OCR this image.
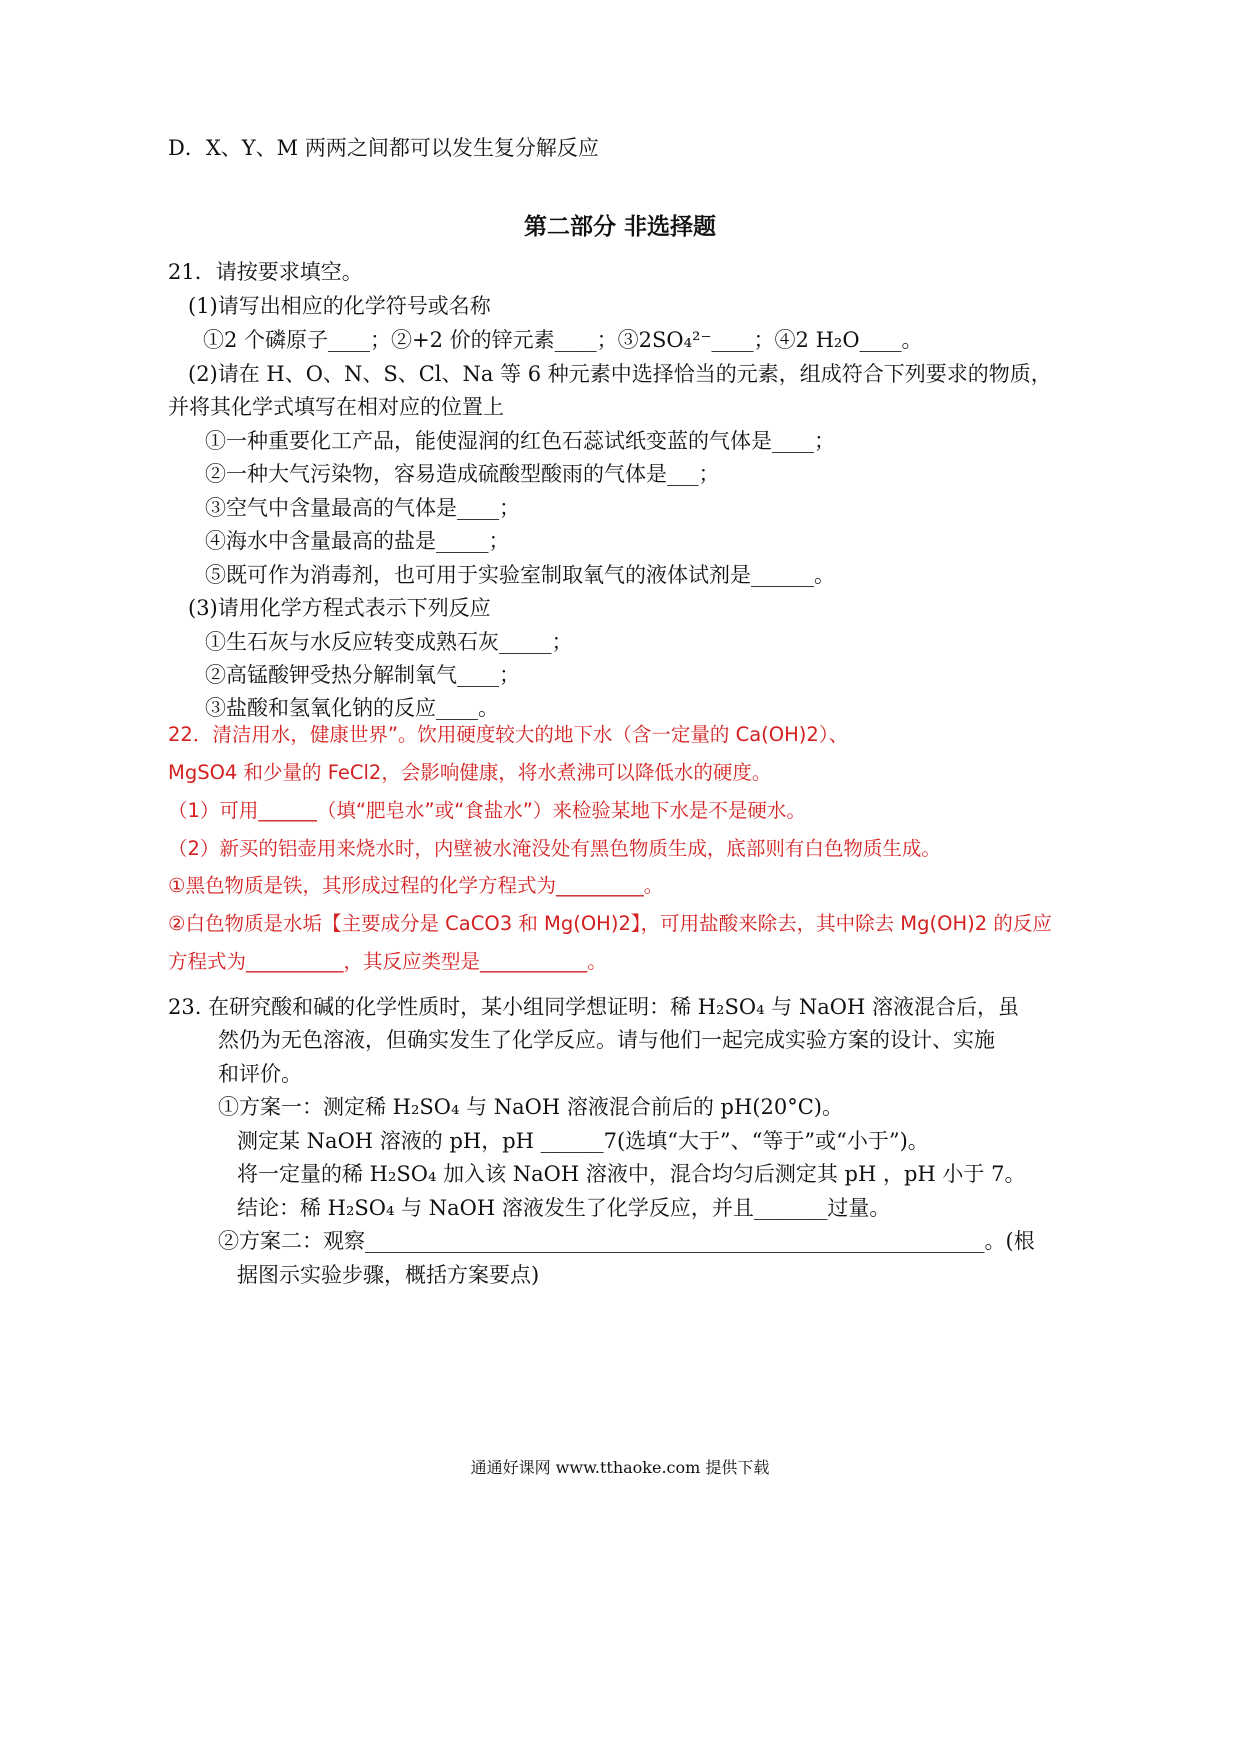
D．X、Y、M 两两之间都可以发生复分解反应
第二部分 非选择题
21．请按要求填空。
(1)请写出相应的化学符号或名称
①2 个磷原子____；②+2 价的锌元素____；③2SO₄²⁻____；④2 H₂O____。
(2)请在 H、O、N、S、Cl、Na 等 6 种元素中选择恰当的元素，组成符合下列要求的物质，
并将其化学式填写在相对应的位置上
①一种重要化工产品，能使湿润的红色石蕊试纸变蓝的气体是____；
②一种大气污染物，容易造成硫酸型酸雨的气体是___；
③空气中含量最高的气体是____；
④海水中含量最高的盐是_____；
⑤既可作为消毒剂，也可用于实验室制取氧气的液体试剂是______。
(3)请用化学方程式表示下列反应
①生石灰与水反应转变成熟石灰_____；
②高锰酸钾受热分解制氧气____；
③盐酸和氢氧化钠的反应____。
22．清洁用水，健康世界”。饮用硬度较大的地下水（含一定量的 Ca(OH)2）、
MgSO4 和少量的 FeCl2，会影响健康，将水煮沸可以降低水的硬度。
（1）可用______（填“肥皂水”或“食盐水”）来检验某地下水是不是硬水。
（2）新买的铝壶用来烧水时，内壁被水淹没处有黑色物质生成，底部则有白色物质生成。
①黑色物质是铁，其形成过程的化学方程式为_________。
②白色物质是水垢【主要成分是 CaCO3 和 Mg(OH)2】，可用盐酸来除去，其中除去 Mg(OH)2 的反应
方程式为__________，其反应类型是___________。
23. 在研究酸和碱的化学性质时，某小组同学想证明：稀 H₂SO₄ 与 NaOH 溶液混合后，虽
然仍为无色溶液，但确实发生了化学反应。请与他们一起完成实验方案的设计、实施
和评价。
①方案一：测定稀 H₂SO₄ 与 NaOH 溶液混合前后的 pH(20°C)。
测定某 NaOH 溶液的 pH，pH ______7(选填“大于”、“等于”或“小于”)。
将一定量的稀 H₂SO₄ 加入该 NaOH 溶液中，混合均匀后测定其 pH ，pH 小于 7。
结论：稀 H₂SO₄ 与 NaOH 溶液发生了化学反应，并且_______过量。
②方案二：观察___________________________________________________________。(根
据图示实验步骤，概括方案要点)
通通好课网 www.tthaoke.com 提供下载
